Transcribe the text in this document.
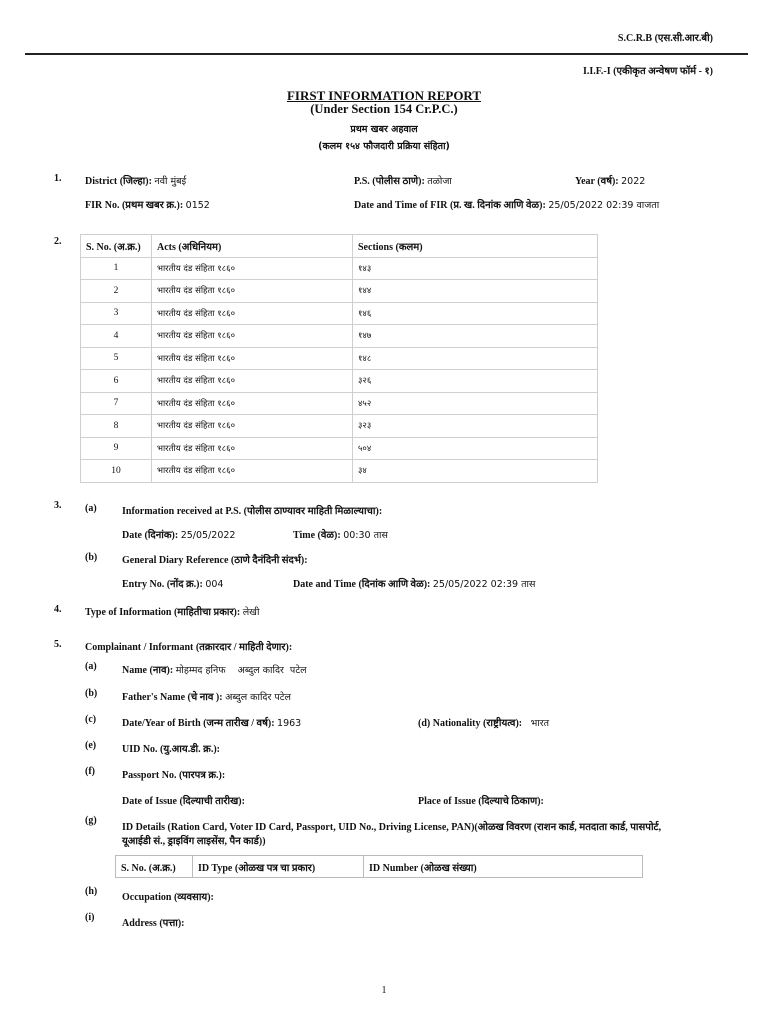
S.C.R.B (एस.सी.आर.बी)
I.I.F.-I (एकीकृत अन्वेषण फॉर्म - १)
FIRST INFORMATION REPORT
(Under Section 154 Cr.P.C.)
प्रथम खबर अहवाल
(कलम १५४ फौजदारी प्रक्रिया संहिता)
1. District (जिल्हा): नवी मुंबई	P.S. (पोलीस ठाणे): तळोजा	Year (वर्ष): 2022
FIR No. (प्रथम खबर क्र.): 0152	Date and Time of FIR (प्र. ख. दिनांक आणि वेळ): 25/05/2022 02:39 वाजता
2.
S. No. (अ.क्र.)	Acts (अधिनियम)	Sections (कलम)
1	भारतीय दंड संहिता १८६०	१४३
2	भारतीय दंड संहिता १८६०	१४४
3	भारतीय दंड संहिता १८६०	१४६
4	भारतीय दंड संहिता १८६०	१४७
5	भारतीय दंड संहिता १८६०	१४८
6	भारतीय दंड संहिता १८६०	३२६
7	भारतीय दंड संहिता १८६०	४५२
8	भारतीय दंड संहिता १८६०	३२३
9	भारतीय दंड संहिता १८६०	५०४
10	भारतीय दंड संहिता १८६०	३४
3. (a)	Information received at P.S. (पोलीस ठाण्यावर माहिती मिळाल्याचा):
Date (दिनांक): 25/05/2022	Time (वेळ): 00:30 तास
(b) General Diary Reference (ठाणे दैनंदिनी संदर्भ):
Entry No. (नोंद क्र.): 004	Date and Time (दिनांक आणि वेळ): 25/05/2022 02:39 तास
4. Type of Information (माहितीचा प्रकार): लेखी
5. Complainant / Informant (तक्रारदार / माहिती देणार):
(a)	Name (नाव): मोहम्मद हनिफ    अब्दुल कादिर  पटेल
(b) Father's Name (चे नाव ): अब्दुल कादिर पटेल
(c)	Date/Year of Birth (जन्म तारीख / वर्ष): 1963	(d) Nationality (राष्ट्रीयत्व): भारत
(e)	UID No. (यु.आय.डी. क्र.):
(f)	Passport No. (पारपत्र क्र.):
Date of Issue (दिल्याची तारीख):	Place of Issue (दिल्याचे ठिकाण):
(g)
ID Details (Ration Card, Voter ID Card, Passport, UID No., Driving License, PAN)(ओळख विवरण (राशन कार्ड, मतदाता कार्ड, पासपोर्ट,
यूआईडी सं., ड्राइविंग लाइसेंस, पैन कार्ड))
S. No. (अ.क्र.)	ID Type (ओळख पत्र चा प्रकार)	ID Number (ओळख संख्या)
(h)
Occupation (व्यवसाय):
(i)
Address (पत्ता):
1
